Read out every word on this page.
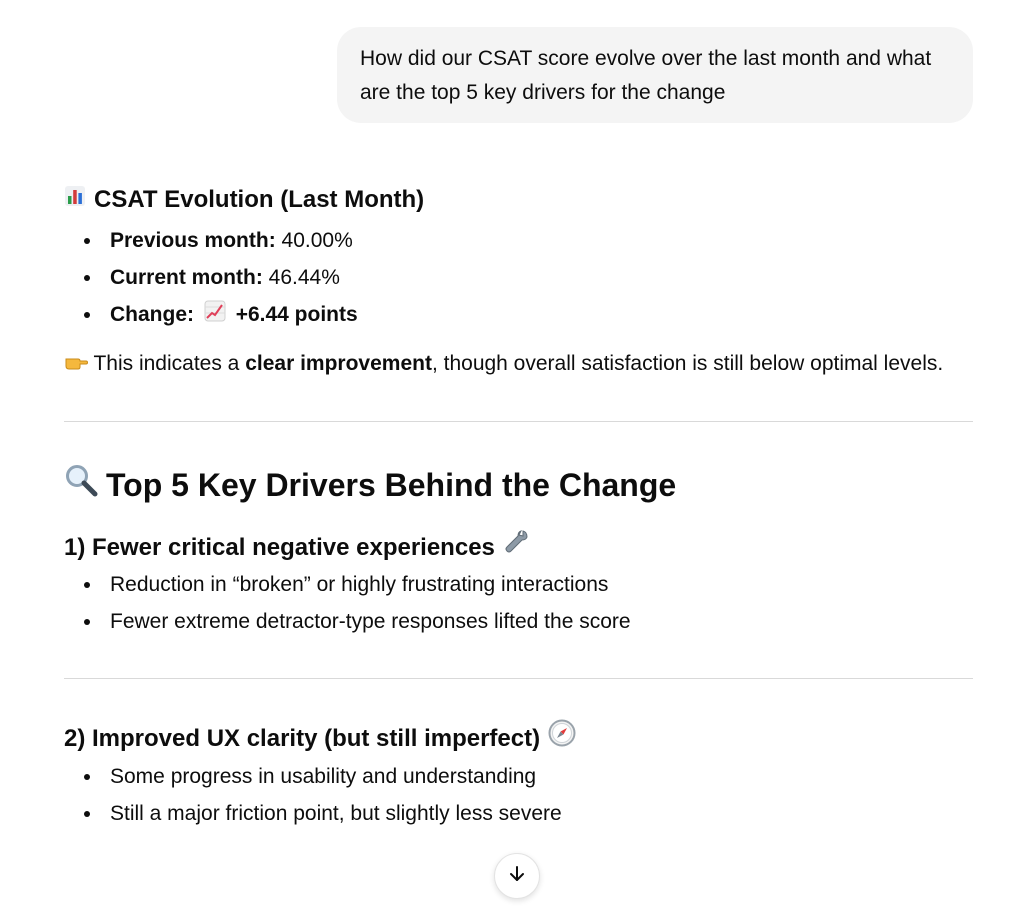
How did our CSAT score evolve over the last month and what are the top 5 key drivers for the change
CSAT Evolution (Last Month)
Previous month: 40.00%
Current month: 46.44%
Change: +6.44 points

This indicates a clear improvement, though overall satisfaction is still below optimal levels.

Top 5 Key Drivers Behind the Change
1) Fewer critical negative experiences
Reduction in “broken” or highly frustrating interactions
Fewer extreme detractor-type responses lifted the score
2) Improved UX clarity (but still imperfect)
Some progress in usability and understanding
Still a major friction point, but slightly less severe
